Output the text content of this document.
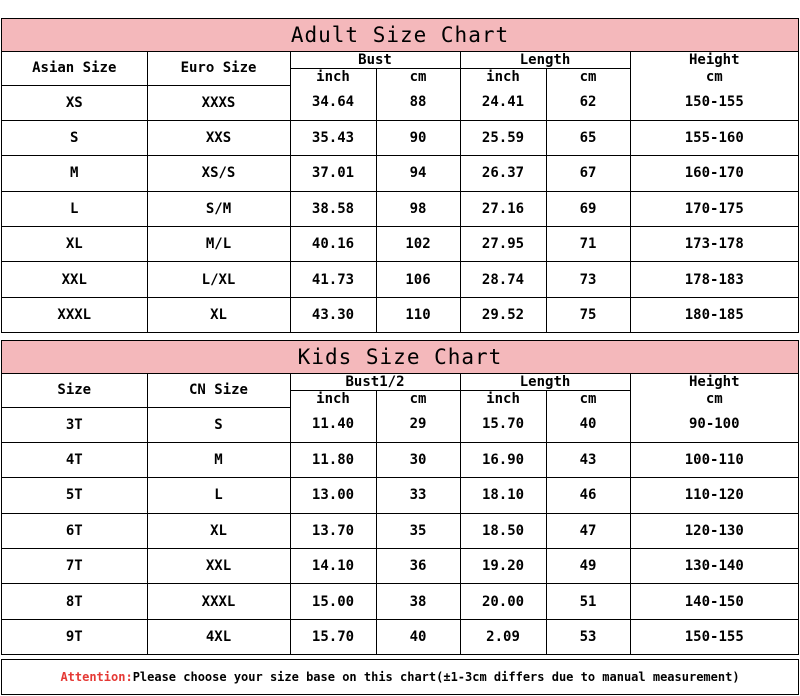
Adult Size Chart
Asian Size	Euro Size	Bust		Length		Height
		inch	cm	inch	cm	cm
XS	XXXS	34.64	88	24.41	62	150-155
S	XXS	35.43	90	25.59	65	155-160
M	XS/S	37.01	94	26.37	67	160-170
L	S/M	38.58	98	27.16	69	170-175
XL	M/L	40.16	102	27.95	71	173-178
XXL	L/XL	41.73	106	28.74	73	178-183
XXXL	XL	43.30	110	29.52	75	180-185
Kids Size Chart
Size	CN Size	Bust1/2		Length		Height
		inch	cm	inch	cm	cm
3T	S	11.40	29	15.70	40	90-100
4T	M	11.80	30	16.90	43	100-110
5T	L	13.00	33	18.10	46	110-120
6T	XL	13.70	35	18.50	47	120-130
7T	XXL	14.10	36	19.20	49	130-140
8T	XXXL	15.00	38	20.00	51	140-150
9T	4XL	15.70	40	2.09	53	150-155
Attention: Please choose your size base on this chart(±1-3cm differs due to manual measurement)
